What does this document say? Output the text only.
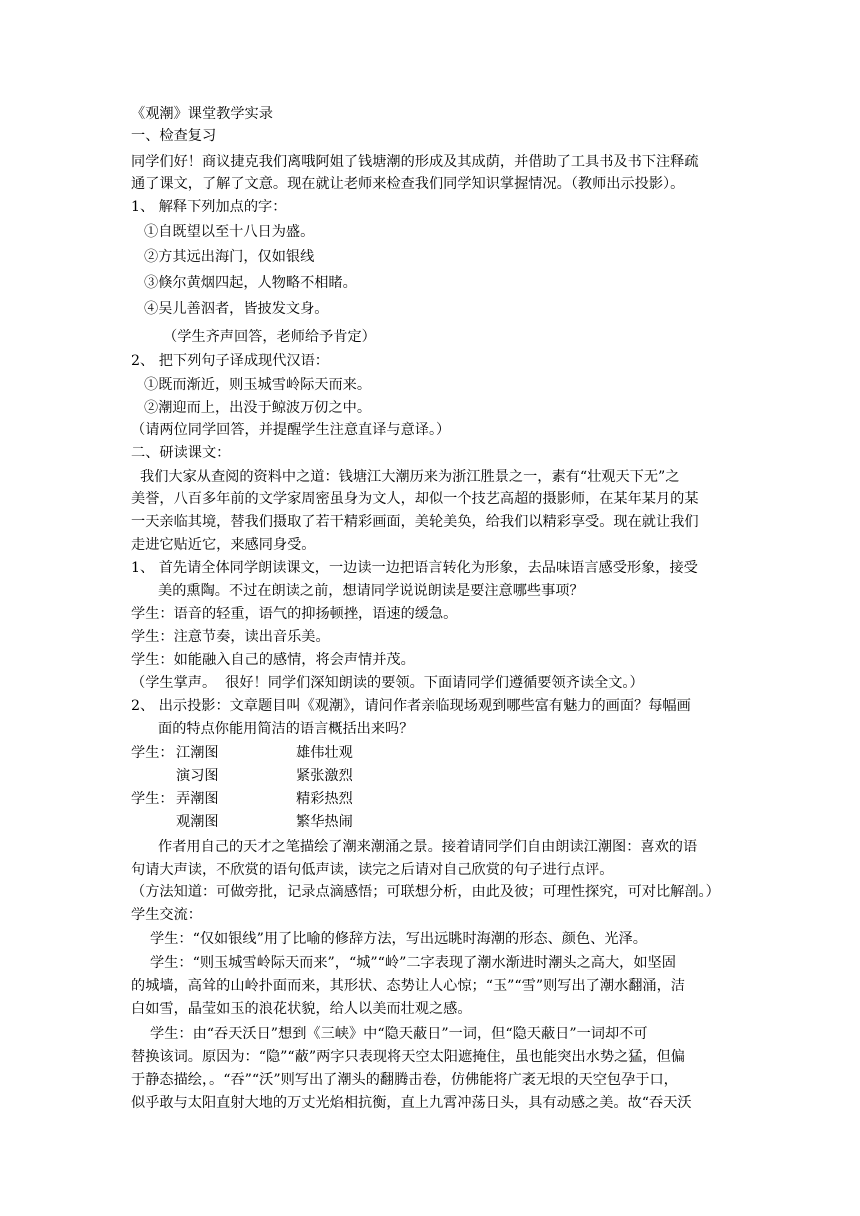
《观潮》课堂教学实录
一、检查复习
同学们好！商议捷克我们离哦阿姐了钱塘潮的形成及其成荫，并借助了工具书及书下注释疏
通了课文，了解了文意。现在就让老师来检查我们同学知识掌握情况。（教师出示投影）。
1、 解释下列加点的字：
①自既望以至十八日为盛。
②方其远出海门，仅如银线
③倏尔黄烟四起，人物略不相睹。
④吴儿善泅者，皆披发文身。
（学生齐声回答，老师给予肯定）
2、 把下列句子译成现代汉语：
①既而渐近，则玉城雪岭际天而来。
②潮迎而上，出没于鲸波万仞之中。
（请两位同学回答，并提醒学生注意直译与意译。）
二、研读课文：
我们大家从查阅的资料中之道：钱塘江大潮历来为浙江胜景之一，素有“壮观天下无”之
美誉，八百多年前的文学家周密虽身为文人，却似一个技艺高超的摄影师，在某年某月的某
一天亲临其境，替我们摄取了若干精彩画面，美轮美奂，给我们以精彩享受。现在就让我们
走进它贴近它，来感同身受。
1、 首先请全体同学朗读课文，一边读一边把语言转化为形象，去品味语言感受形象，接受
美的熏陶。不过在朗读之前，想请同学说说朗读是要注意哪些事项？
学生：语音的轻重，语气的抑扬顿挫，语速的缓急。
学生：注意节奏，读出音乐美。
学生：如能融入自己的感情，将会声情并茂。
（学生掌声。  很好！同学们深知朗读的要领。下面请同学们遵循要领齐读全文。）
2、 出示投影：文章题目叫《观潮》，请问作者亲临现场观到哪些富有魅力的画面？每幅画
面的特点你能用简洁的语言概括出来吗？
学生： 江潮图	雄伟壮观
演习图	紧张激烈
学生： 弄潮图	精彩热烈
观潮图	繁华热闹
作者用自己的天才之笔描绘了潮来潮涌之景。接着请同学们自由朗读江潮图：喜欢的语
句请大声读，不欣赏的语句低声读，读完之后请对自己欣赏的句子进行点评。
（方法知道：可做旁批，记录点滴感悟；可联想分析，由此及彼；可理性探究，可对比解剖。）
学生交流：
学生：“仅如银线”用了比喻的修辞方法，写出远眺时海潮的形态、颜色、光泽。
学生：“则玉城雪岭际天而来”，“城”“岭”二字表现了潮水渐进时潮头之高大，如坚固
的城墙，高耸的山岭扑面而来，其形状、态势让人心惊；“玉”“雪”则写出了潮水翻涌，洁
白如雪，晶莹如玉的浪花状貌，给人以美而壮观之感。
学生：由“吞天沃日”想到《三峡》中“隐天蔽日”一词，但“隐天蔽日”一词却不可
替换该词。原因为：“隐”“蔽”两字只表现将天空太阳遮掩住，虽也能突出水势之猛，但偏
于静态描绘，。“吞”“沃”则写出了潮头的翻腾击卷，仿佛能将广袤无垠的天空包孕于口，
似乎敢与太阳直射大地的万丈光焰相抗衡，直上九霄冲荡日头，具有动感之美。故“吞天沃
